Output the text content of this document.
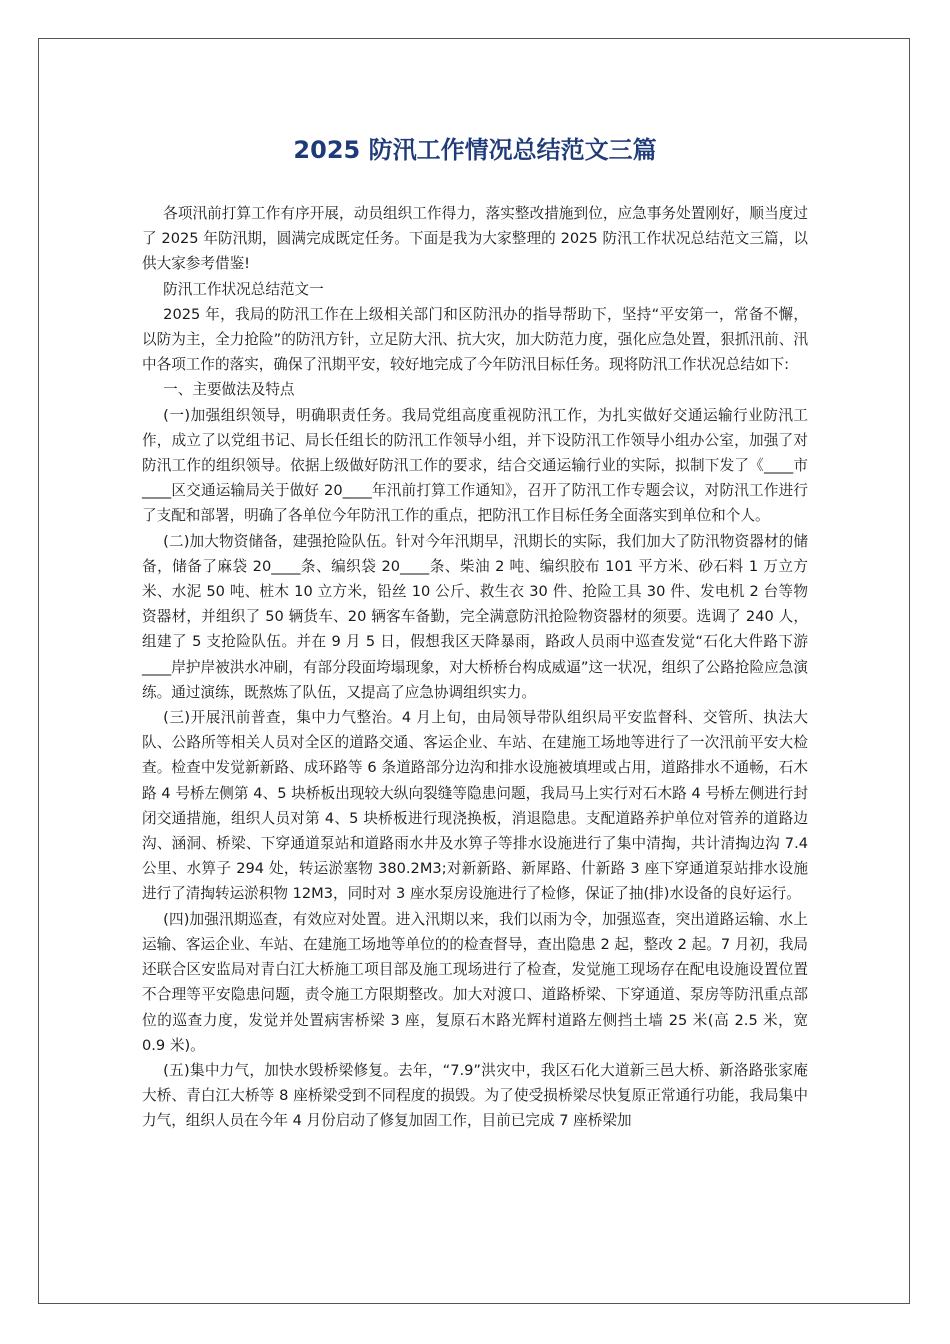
2025 防汛工作情况总结范文三篇

各项汛前打算工作有序开展，动员组织工作得力，落实整改措施到位，应急事务处置刚好，顺当度过了 2025 年防汛期，圆满完成既定任务。下面是我为大家整理的 2025 防汛工作状况总结范文三篇，以供大家参考借鉴!

防汛工作状况总结范文一

2025 年，我局的防汛工作在上级相关部门和区防汛办的指导帮助下，坚持“平安第一，常备不懈，以防为主，全力抢险”的防汛方针，立足防大汛、抗大灾，加大防范力度，强化应急处置，狠抓汛前、汛中各项工作的落实，确保了汛期平安，较好地完成了今年防汛目标任务。现将防汛工作状况总结如下:

一、主要做法及特点

(一)加强组织领导，明确职责任务。我局党组高度重视防汛工作，为扎实做好交通运输行业防汛工作，成立了以党组书记、局长任组长的防汛工作领导小组，并下设防汛工作领导小组办公室，加强了对防汛工作的组织领导。依据上级做好防汛工作的要求，结合交通运输行业的实际，拟制下发了《____市____区交通运输局关于做好 20____年汛前打算工作通知》，召开了防汛工作专题会议，对防汛工作进行了支配和部署，明确了各单位今年防汛工作的重点，把防汛工作目标任务全面落实到单位和个人。

(二)加大物资储备，建强抢险队伍。针对今年汛期早，汛期长的实际，我们加大了防汛物资器材的储备，储备了麻袋 20____条、编织袋 20____条、柴油 2 吨、编织胶布 101 平方米、砂石料 1 万立方米、水泥 50 吨、桩木 10 立方米，铅丝 10 公斤、救生衣 30 件、抢险工具 30 件、发电机 2 台等物资器材，并组织了 50 辆货车、20 辆客车备勤，完全满意防汛抢险物资器材的须要。选调了 240 人，组建了 5 支抢险队伍。并在 9 月 5 日，假想我区天降暴雨，路政人员雨中巡查发觉“石化大件路下游____岸护岸被洪水冲刷，有部分段面垮塌现象，对大桥桥台构成威逼”这一状况，组织了公路抢险应急演练。通过演练，既熬炼了队伍，又提高了应急协调组织实力。

(三)开展汛前普查，集中力气整治。4 月上旬，由局领导带队组织局平安监督科、交管所、执法大队、公路所等相关人员对全区的道路交通、客运企业、车站、在建施工场地等进行了一次汛前平安大检查。检查中发觉新新路、成环路等 6 条道路部分边沟和排水设施被填埋或占用，道路排水不通畅，石木路 4 号桥左侧第 4、5 块桥板出现较大纵向裂缝等隐患问题，我局马上实行对石木路 4 号桥左侧进行封闭交通措施，组织人员对第 4、5 块桥板进行现浇换板，消退隐患。支配道路养护单位对管养的道路边沟、涵洞、桥梁、下穿通道泵站和道路雨水井及水箅子等排水设施进行了集中清掏，共计清掏边沟 7.4 公里、水箅子 294 处，转运淤塞物 380.2M3;对新新路、新犀路、什新路 3 座下穿通道泵站排水设施进行了清掏转运淤积物 12M3，同时对 3 座水泵房设施进行了检修，保证了抽(排)水设备的良好运行。

(四)加强汛期巡查，有效应对处置。进入汛期以来，我们以雨为令，加强巡查，突出道路运输、水上运输、客运企业、车站、在建施工场地等单位的的检查督导，查出隐患 2 起，整改 2 起。7 月初，我局还联合区安监局对青白江大桥施工项目部及施工现场进行了检查，发觉施工现场存在配电设施设置位置不合理等平安隐患问题，责令施工方限期整改。加大对渡口、道路桥梁、下穿通道、泵房等防汛重点部位的巡查力度，发觉并处置病害桥梁 3 座，复原石木路光辉村道路左侧挡土墙 25 米(高 2.5 米，宽 0.9 米)。

(五)集中力气，加快水毁桥梁修复。去年，“7.9”洪灾中，我区石化大道新三邑大桥、新洛路张家庵大桥、青白江大桥等 8 座桥梁受到不同程度的损毁。为了使受损桥梁尽快复原正常通行功能，我局集中力气，组织人员在今年 4 月份启动了修复加固工作，目前已完成 7 座桥梁加
